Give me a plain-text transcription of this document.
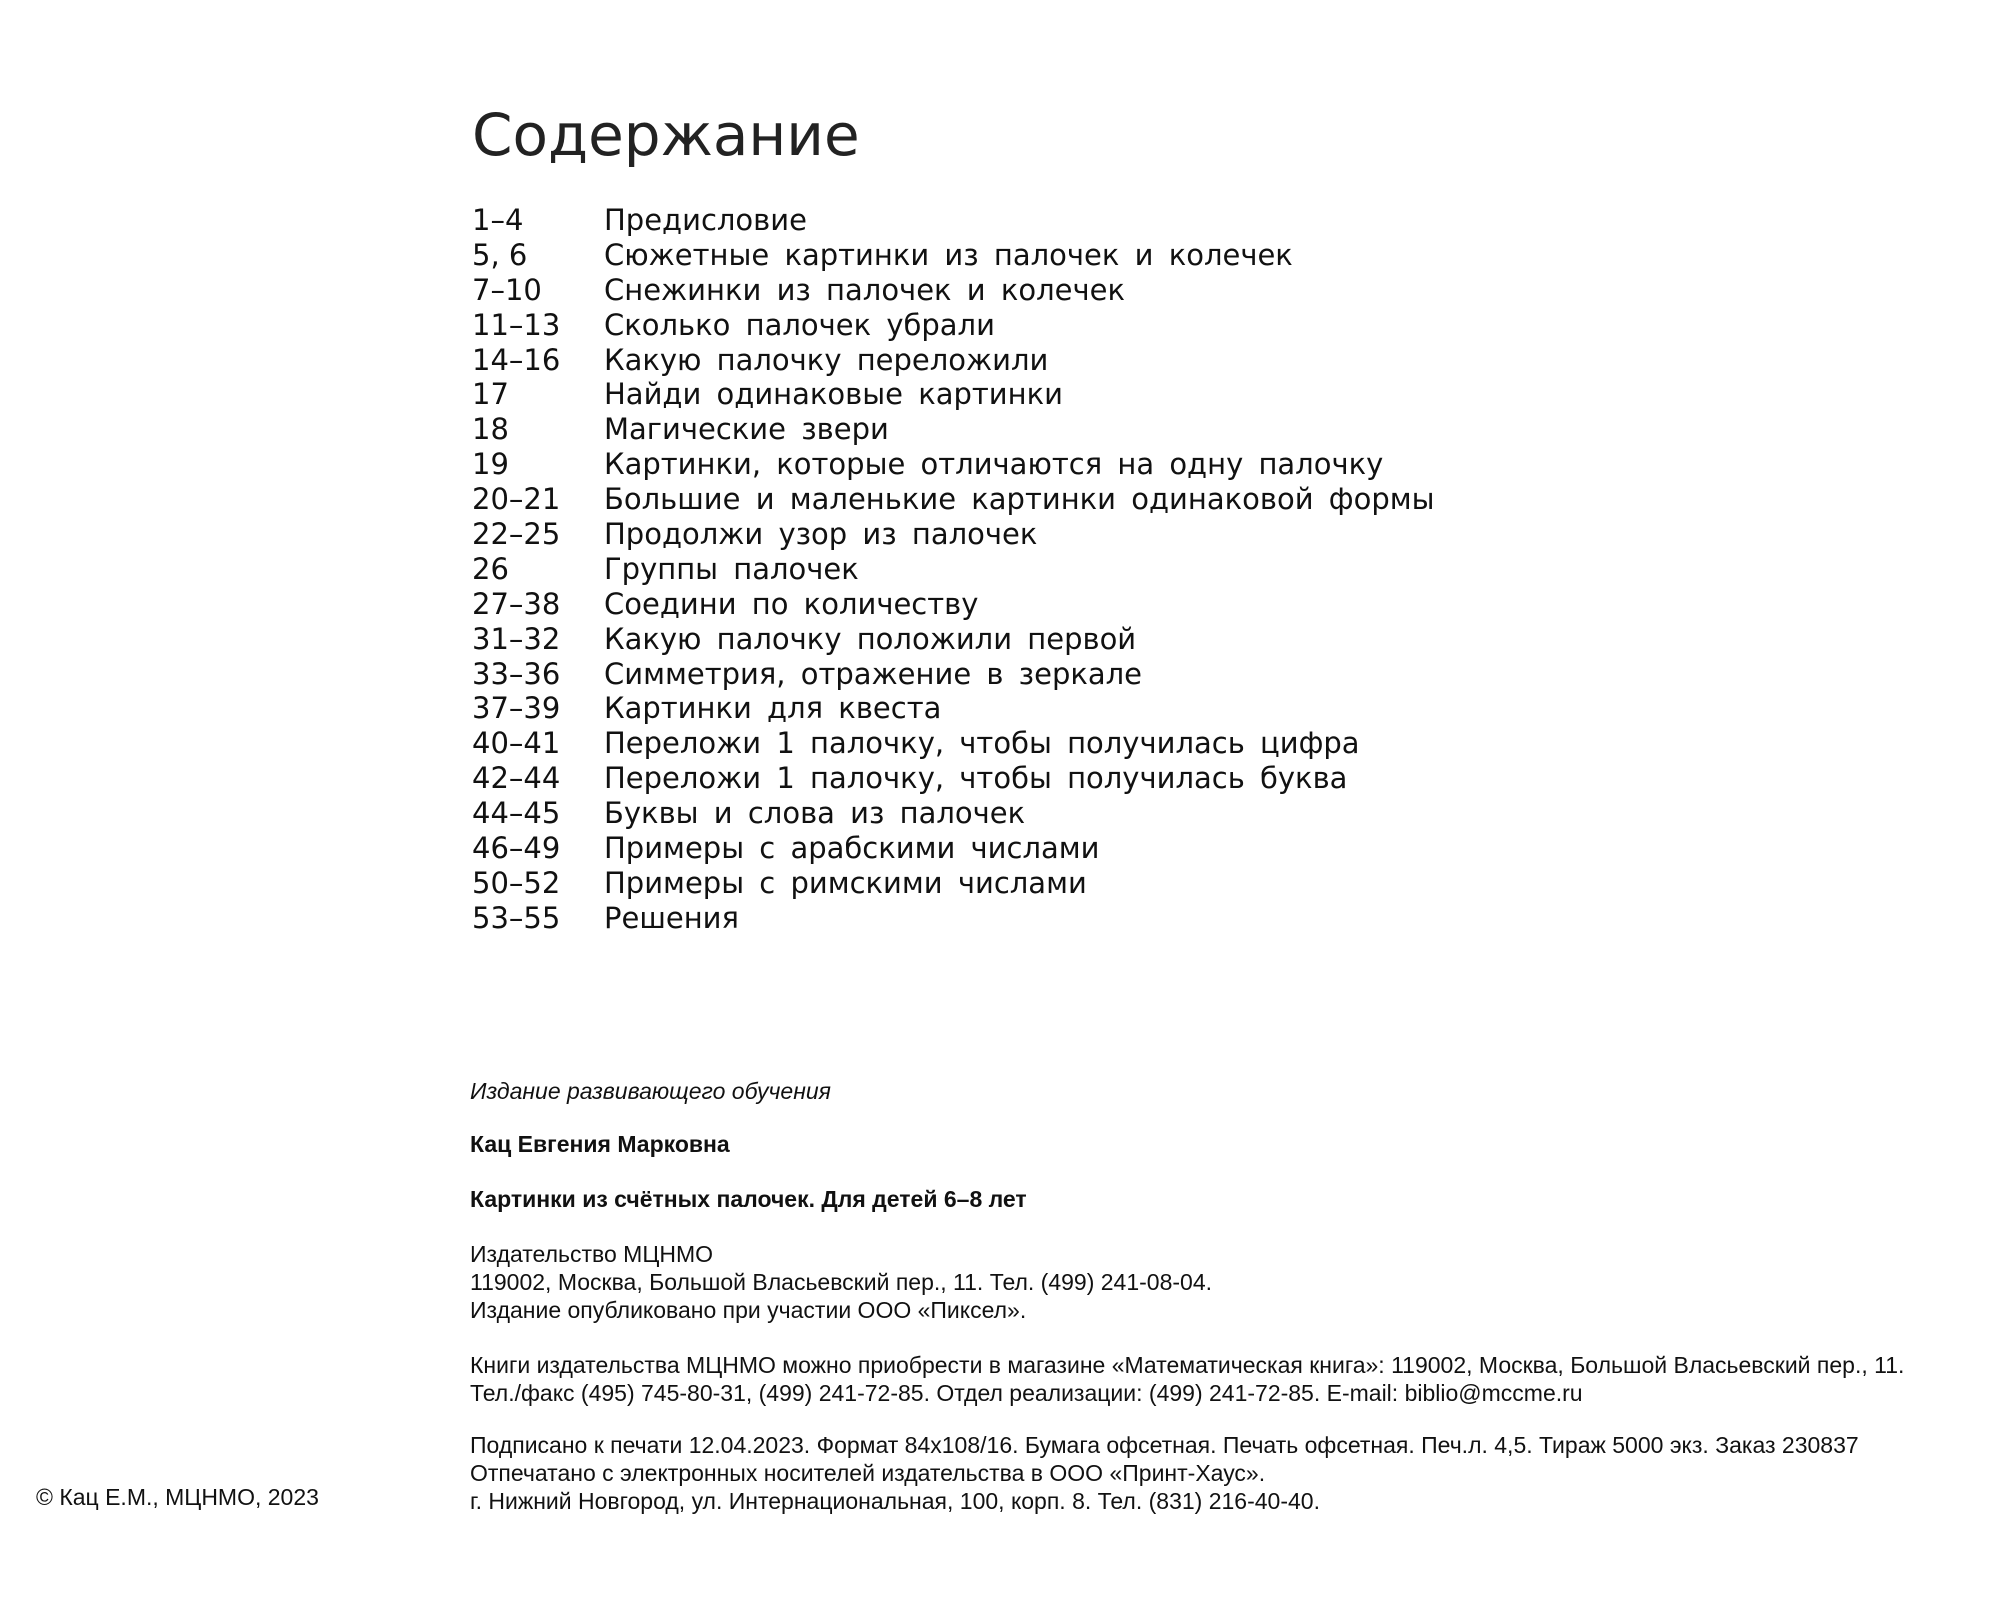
Содержание
1–4	Предисловие
5, 6	Сюжетные картинки из палочек и колечек
7–10	Снежинки из палочек и колечек
11–13	Сколько палочек убрали
14–16	Какую палочку переложили
17	Найди одинаковые картинки
18	Магические звери
19	Картинки, которые отличаются на одну палочку
20–21	Большие и маленькие картинки одинаковой формы
22–25	Продолжи узор из палочек
26	Группы палочек
27–38	Соедини по количеству
31–32	Какую палочку положили первой
33–36	Симметрия, отражение в зеркале
37–39	Картинки для квеста
40–41	Переложи 1 палочку, чтобы получилась цифра
42–44	Переложи 1 палочку, чтобы получилась буква
44–45	Буквы и слова из палочек
46–49	Примеры с арабскими числами
50–52	Примеры с римскими числами
53–55	Решения
Издание развивающего обучения
Кац Евгения Марковна
Картинки из счётных палочек. Для детей 6–8 лет
Издательство МЦНМО
119002, Москва, Большой Власьевский пер., 11. Тел. (499) 241-08-04.
Издание опубликовано при участии ООО «Пиксел».
Книги издательства МЦНМО можно приобрести в магазине «Математическая книга»: 119002, Москва, Большой Власьевский пер., 11.
Тел./факс (495) 745-80-31, (499) 241-72-85. Отдел реализации: (499) 241-72-85. E-mail: biblio@mccme.ru
Подписано к печати 12.04.2023. Формат 84x108/16. Бумага офсетная. Печать офсетная. Печ.л. 4,5. Тираж 5000 экз. Заказ 230837
Отпечатано с электронных носителей издательства в ООО «Принт-Хаус».
г. Нижний Новгород, ул. Интернациональная, 100, корп. 8. Тел. (831) 216-40-40.
© Кац Е.М., МЦНМО, 2023
